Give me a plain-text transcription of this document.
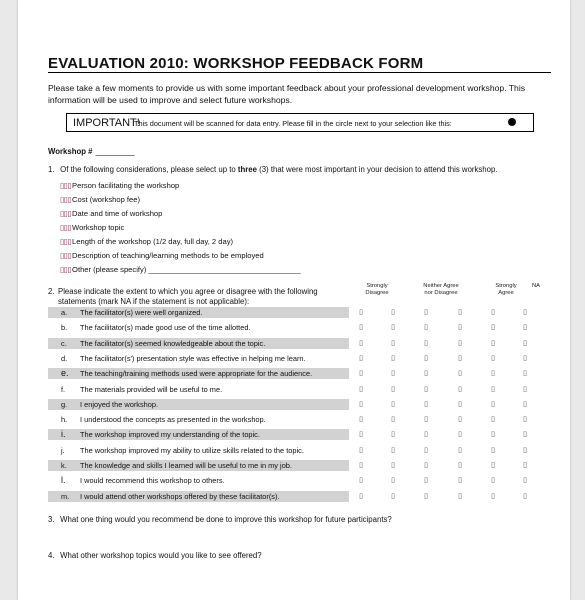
EVALUATION 2010: WORKSHOP FEEDBACK FORM
Please take a few moments to provide us with some important feedback about your professional development workshop. This
information will be used to improve and select future workshops.
IMPORTANT!
This document will be scanned for data entry. Please fill in the circle next to your selection like this:
Workshop # _________
1. Of the following considerations, please select up to three (3) that were most important in your decision to attend this workshop.
▯▯▯Person facilitating the workshop
▯▯▯Cost (workshop fee)
▯▯▯Date and time of workshop
▯▯▯Workshop topic
▯▯▯Length of the workshop (1/2 day, full day, 2 day)
▯▯▯Description of teaching/learning methods to be employed
▯▯▯Other (please specify) ____________________________________
2. Please indicate the extent to which you agree or disagree with the following
statements (mark NA if the statement is not applicable):
Strongly
Disagree
Neither Agree
nor Disagree
Strongly
Agree
NA
a. The facilitator(s) were well organized.	▯	▯	▯	▯	▯	▯
b. The facilitator(s) made good use of the time allotted.	▯	▯	▯	▯	▯	▯
c. The facilitator(s) seemed knowledgeable about the topic.	▯	▯	▯	▯	▯	▯
d. The facilitator(s') presentation style was effective in helping me learn.	▯	▯	▯	▯	▯	▯
e. The teaching/training methods used were appropriate for the audience.	▯	▯	▯	▯	▯	▯
f. The materials provided will be useful to me.	▯	▯	▯	▯	▯	▯
g. I enjoyed the workshop.	▯	▯	▯	▯	▯	▯
h. I understood the concepts as presented in the workshop.	▯	▯	▯	▯	▯	▯
i. The workshop improved my understanding of the topic.	▯	▯	▯	▯	▯	▯
j. The workshop improved my ability to utilize skills related to the topic.	▯	▯	▯	▯	▯	▯
k. The knowledge and skills I learned will be useful to me in my job.	▯	▯	▯	▯	▯	▯
l. I would recommend this workshop to others.	▯	▯	▯	▯	▯	▯
m. I would attend other workshops offered by these facilitator(s).	▯	▯	▯	▯	▯	▯
3. What one thing would you recommend be done to improve this workshop for future participants?
4. What other workshop topics would you like to see offered?
